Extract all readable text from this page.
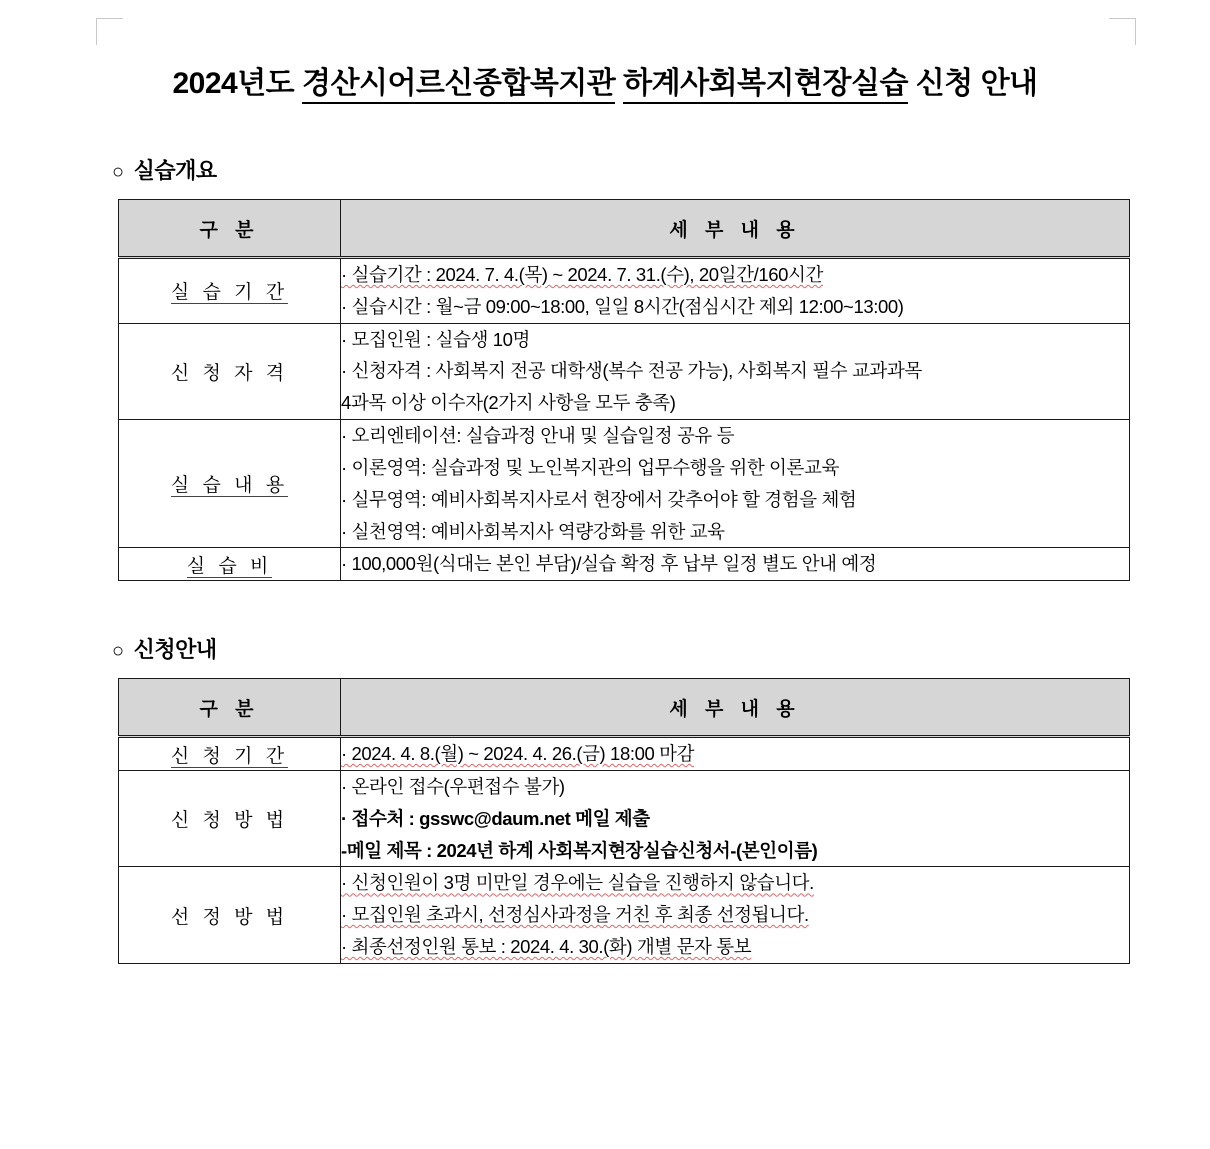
2024년도 경산시어르신종합복지관 하계사회복지현장실습 신청 안내
○ 실습개요
구 분	세 부 내 용
실 습 기 간	· 실습기간 : 2024. 7. 4.(목) ~ 2024. 7. 31.(수), 20일간/160시간
· 실습시간 : 월~금 09:00~18:00, 일일 8시간(점심시간 제외 12:00~13:00)

신 청 자 격	· 모집인원 : 실습생 10명
· 신청자격 : 사회복지 전공 대학생(복수 전공 가능), 사회복지 필수 교과과목
4과목 이상 이수자(2가지 사항을 모두 충족)

실 습 내 용	· 오리엔테이션: 실습과정 안내 및 실습일정 공유 등
· 이론영역: 실습과정 및 노인복지관의 업무수행을 위한 이론교육
· 실무영역: 예비사회복지사로서 현장에서 갖추어야 할 경험을 체험
· 실천영역: 예비사회복지사 역량강화를 위한 교육

실 습 비	· 100,000원(식대는 본인 부담)/실습 확정 후 납부 일정 별도 안내 예정
○ 신청안내
구 분	세 부 내 용
신 청 기 간	· 2024. 4. 8.(월) ~ 2024. 4. 26.(금) 18:00 마감

신 청 방 법	· 온라인 접수(우편접수 불가)
· 접수처 : gsswc@daum.net 메일 제출
-메일 제목 : 2024년 하계 사회복지현장실습신청서-(본인이름)

선 정 방 법	· 신청인원이 3명 미만일 경우에는 실습을 진행하지 않습니다.
· 모집인원 초과시, 선정심사과정을 거친 후 최종 선정됩니다.
· 최종선정인원 통보 : 2024. 4. 30.(화) 개별 문자 통보
